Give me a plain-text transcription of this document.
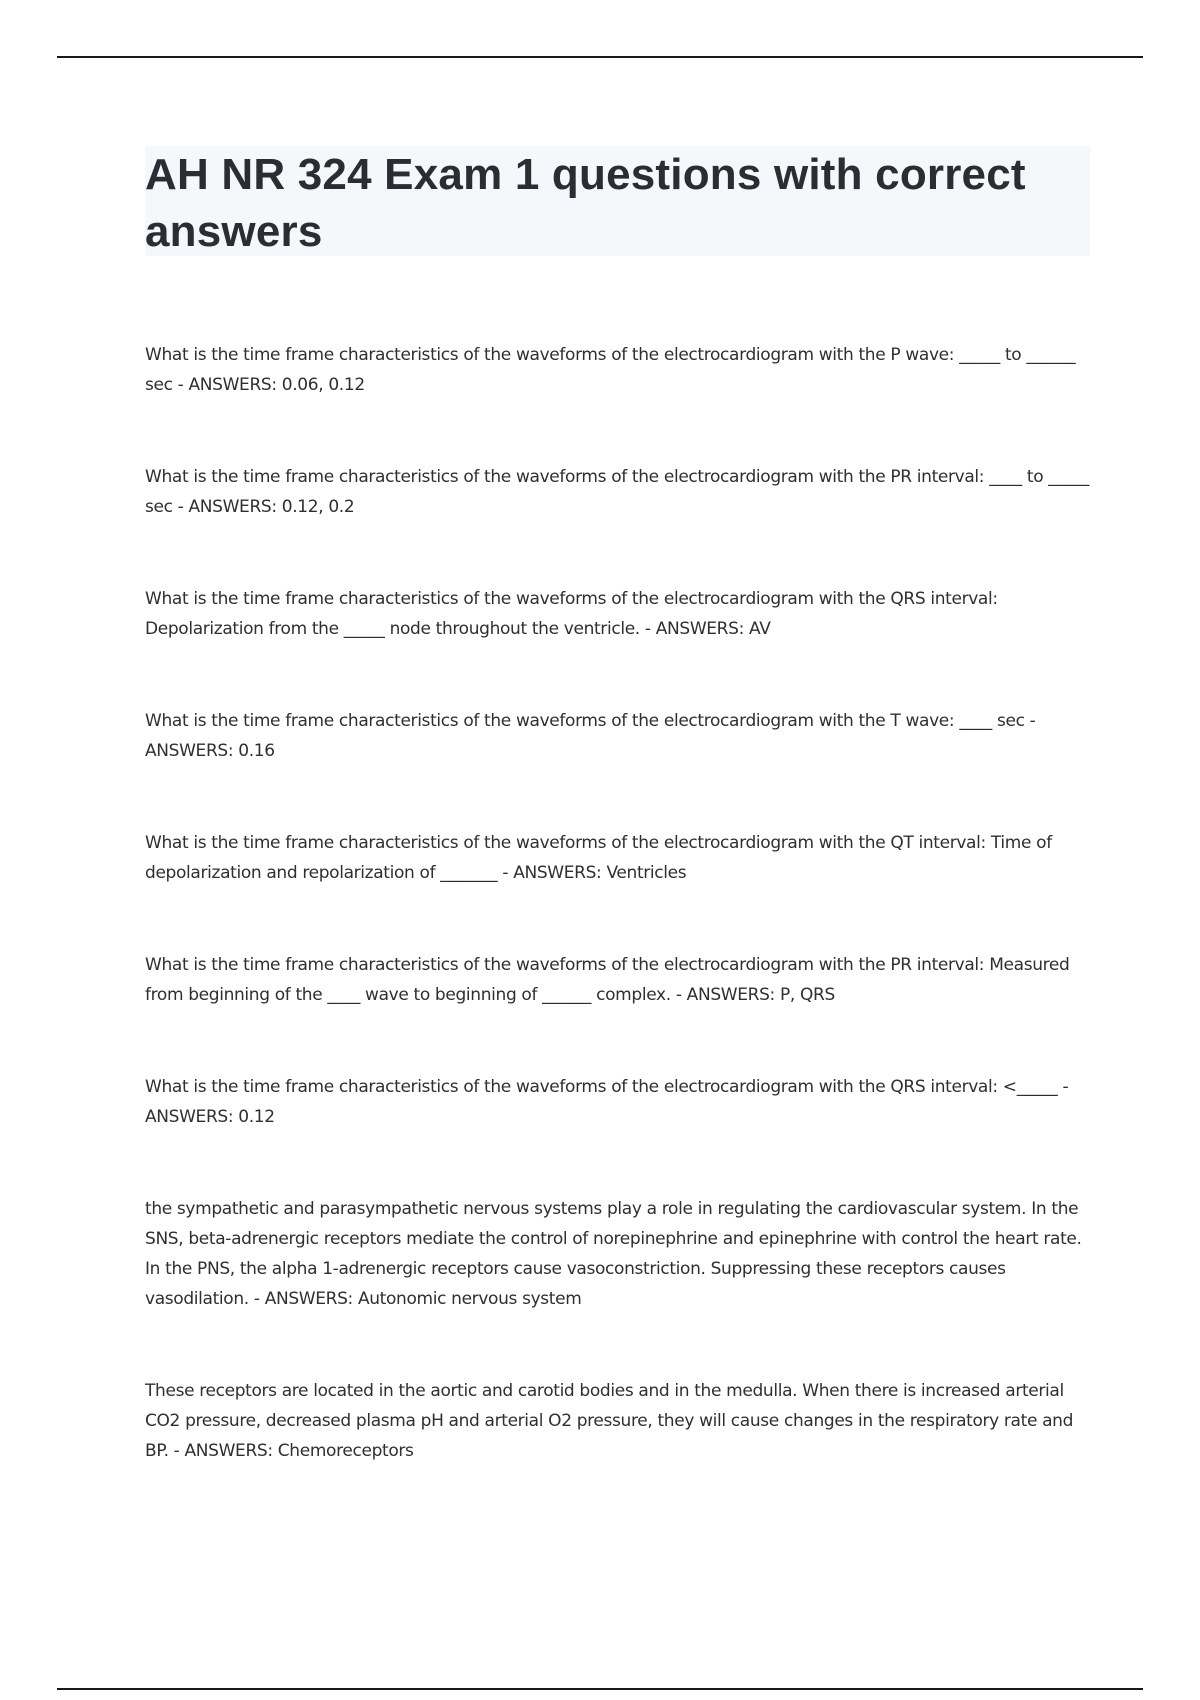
AH NR 324 Exam 1 questions with correct answers

What is the time frame characteristics of the waveforms of the electrocardiogram with the P wave: _____ to ______ sec - ANSWERS: 0.06, 0.12

What is the time frame characteristics of the waveforms of the electrocardiogram with the PR interval: ____ to _____ sec - ANSWERS: 0.12, 0.2

What is the time frame characteristics of the waveforms of the electrocardiogram with the QRS interval: Depolarization from the _____ node throughout the ventricle. - ANSWERS: AV

What is the time frame characteristics of the waveforms of the electrocardiogram with the T wave: ____ sec - ANSWERS: 0.16

What is the time frame characteristics of the waveforms of the electrocardiogram with the QT interval: Time of depolarization and repolarization of _______ - ANSWERS: Ventricles

What is the time frame characteristics of the waveforms of the electrocardiogram with the PR interval: Measured from beginning of the ____ wave to beginning of ______ complex. - ANSWERS: P, QRS

What is the time frame characteristics of the waveforms of the electrocardiogram with the QRS interval: <_____ - ANSWERS: 0.12

the sympathetic and parasympathetic nervous systems play a role in regulating the cardiovascular system. In the SNS, beta-adrenergic receptors mediate the control of norepinephrine and epinephrine with control the heart rate. In the PNS, the alpha 1-adrenergic receptors cause vasoconstriction. Suppressing these receptors causes vasodilation. - ANSWERS: Autonomic nervous system

These receptors are located in the aortic and carotid bodies and in the medulla. When there is increased arterial CO2 pressure, decreased plasma pH and arterial O2 pressure, they will cause changes in the respiratory rate and BP. - ANSWERS: Chemoreceptors
